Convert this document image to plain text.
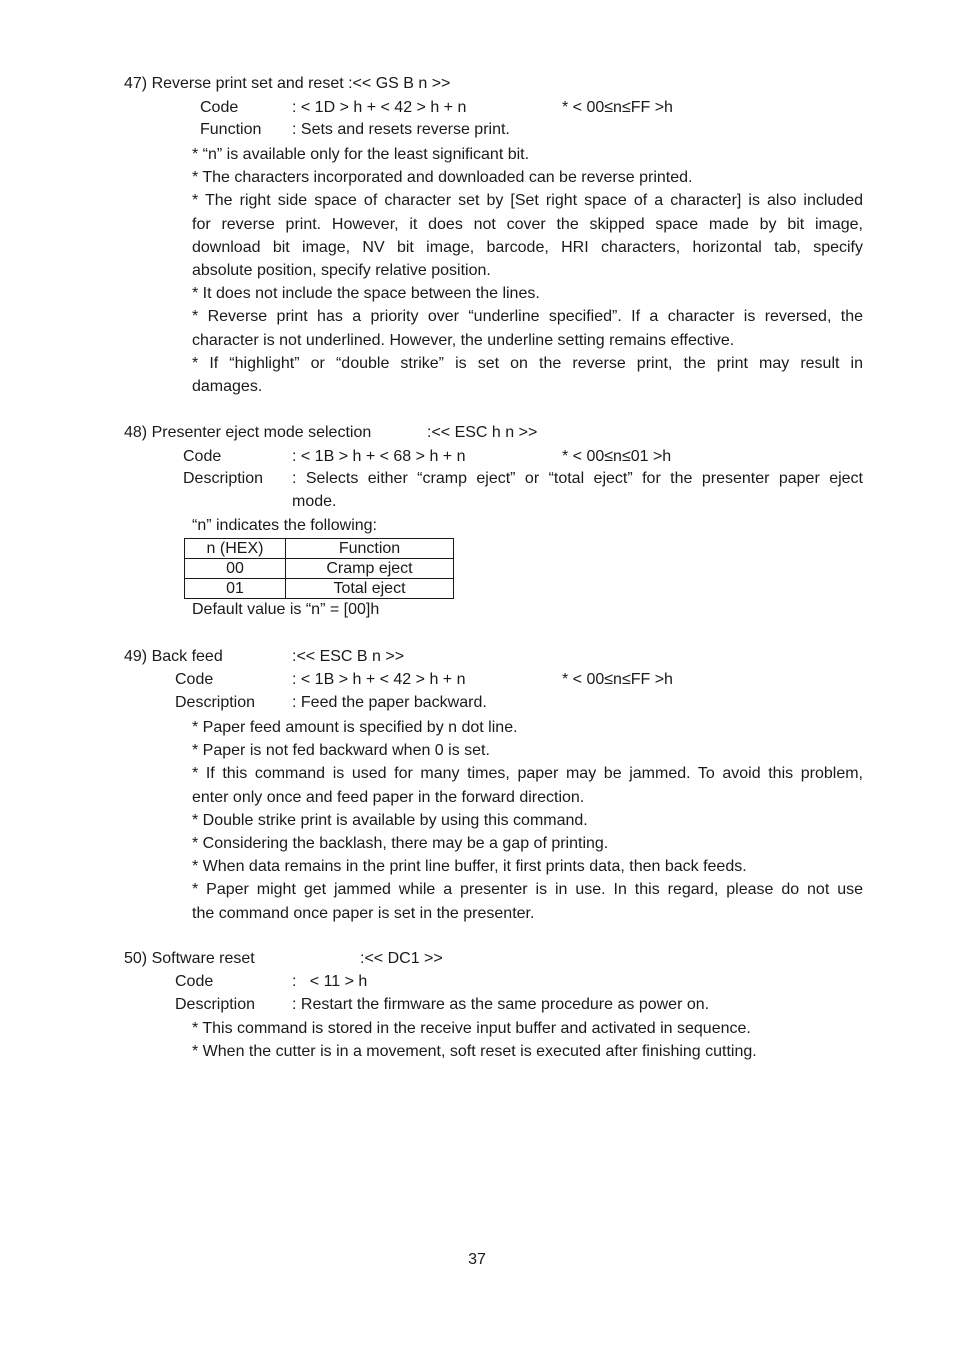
47) Reverse print set and reset :<< GS B n >>
Code	: < 1D > h + < 42 > h + n	* < 00≤n≤FF >h
Function : Sets and resets reverse print.
* “n” is available only for the least significant bit.
* The characters incorporated and downloaded can be reverse printed.
* The right side space of character set by [Set right space of a character] is also included
for reverse print. However, it does not cover the skipped space made by bit image,
download bit image, NV bit image, barcode, HRI characters, horizontal tab, specify
absolute position, specify relative position.
* It does not include the space between the lines.
* Reverse print has a priority over “underline specified”. If a character is reversed, the
character is not underlined. However, the underline setting remains effective.
* If “highlight” or “double strike” is set on the reverse print, the print may result in
damages.
48) Presenter eject mode selection	:<< ESC h n >>
Code	: < 1B > h + < 68 > h + n	* < 00≤n≤01 >h
Description : Selects either “cramp eject” or “total eject” for the presenter paper eject
mode.
“n” indicates the following:
n (HEX)	Function
00	Cramp eject
01	Total eject
Default value is “n” = [00]h
49) Back feed	:<< ESC B n >>
Code	: < 1B > h + < 42 > h + n	* < 00≤n≤FF >h
Description : Feed the paper backward.
* Paper feed amount is specified by n dot line.
* Paper is not fed backward when 0 is set.
* If this command is used for many times, paper may be jammed. To avoid this problem,
enter only once and feed paper in the forward direction.
* Double strike print is available by using this command.
* Considering the backlash, there may be a gap of printing.
* When data remains in the print line buffer, it first prints data, then back feeds.
* Paper might get jammed while a presenter is in use. In this regard, please do not use
the command once paper is set in the presenter.
50) Software reset	:<< DC1 >>
Code	:   < 11 > h
Description : Restart the firmware as the same procedure as power on.
* This command is stored in the receive input buffer and activated in sequence.
* When the cutter is in a movement, soft reset is executed after finishing cutting.
37
